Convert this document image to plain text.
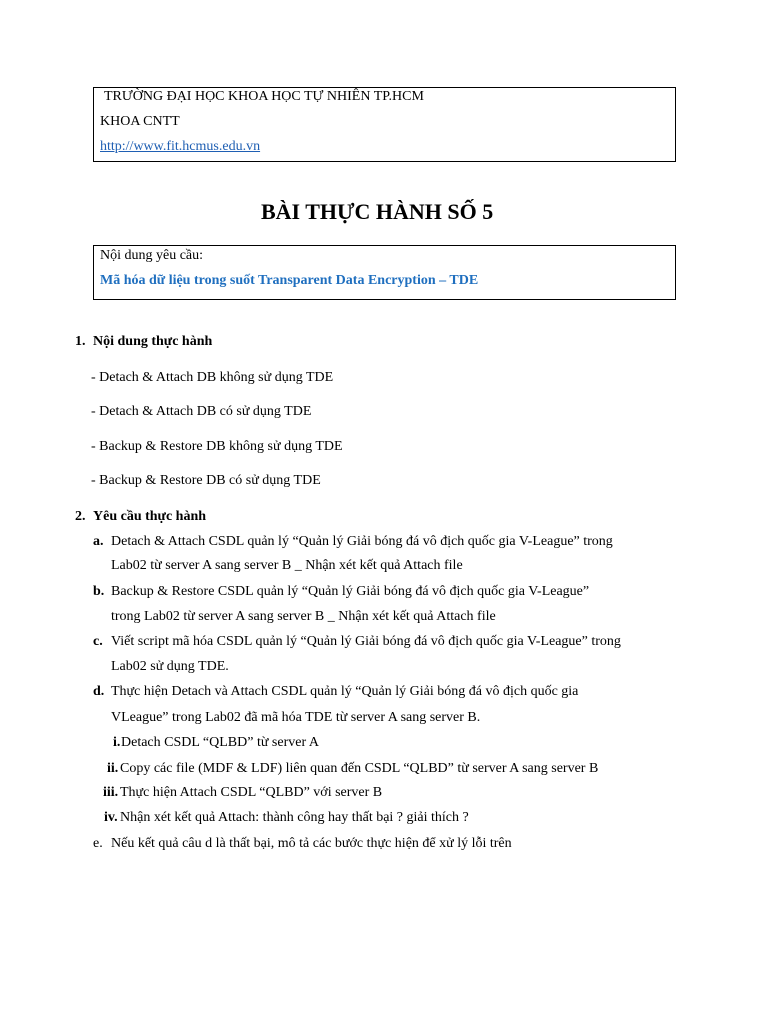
TRƯỜNG ĐẠI HỌC KHOA HỌC TỰ NHIÊN TP.HCM
KHOA CNTT
http://www.fit.hcmus.edu.vn
BÀI THỰC HÀNH SỐ 5
Nội dung yêu cầu:
Mã hóa dữ liệu trong suốt Transparent Data Encryption – TDE
1. Nội dung thực hành
- Detach & Attach DB không sử dụng TDE
- Detach & Attach DB có sử dụng TDE
- Backup & Restore DB không sử dụng TDE
- Backup & Restore DB có sử dụng TDE
2. Yêu cầu thực hành
a. Detach & Attach CSDL quản lý “Quản lý Giải bóng đá vô địch quốc gia V-League” trong
Lab02 từ server A sang server B _ Nhận xét kết quả Attach file
b. Backup & Restore CSDL quản lý “Quản lý Giải bóng đá vô địch quốc gia V-League”
trong Lab02 từ server A sang server B _ Nhận xét kết quả Attach file
c. Viết script mã hóa CSDL quản lý “Quản lý Giải bóng đá vô địch quốc gia V-League” trong
Lab02 sử dụng TDE.
d. Thực hiện Detach và Attach CSDL quản lý “Quản lý Giải bóng đá vô địch quốc gia
VLeague” trong Lab02 đã mã hóa TDE từ server A sang server B.
i. Detach CSDL “QLBD” từ server A
ii. Copy các file (MDF & LDF) liên quan đến CSDL “QLBD” từ server A sang server B
iii. Thực hiện Attach CSDL “QLBD” với server B
iv. Nhận xét kết quả Attach: thành công hay thất bại ? giải thích ?
e. Nếu kết quả câu d là thất bại, mô tả các bước thực hiện để xử lý lỗi trên
